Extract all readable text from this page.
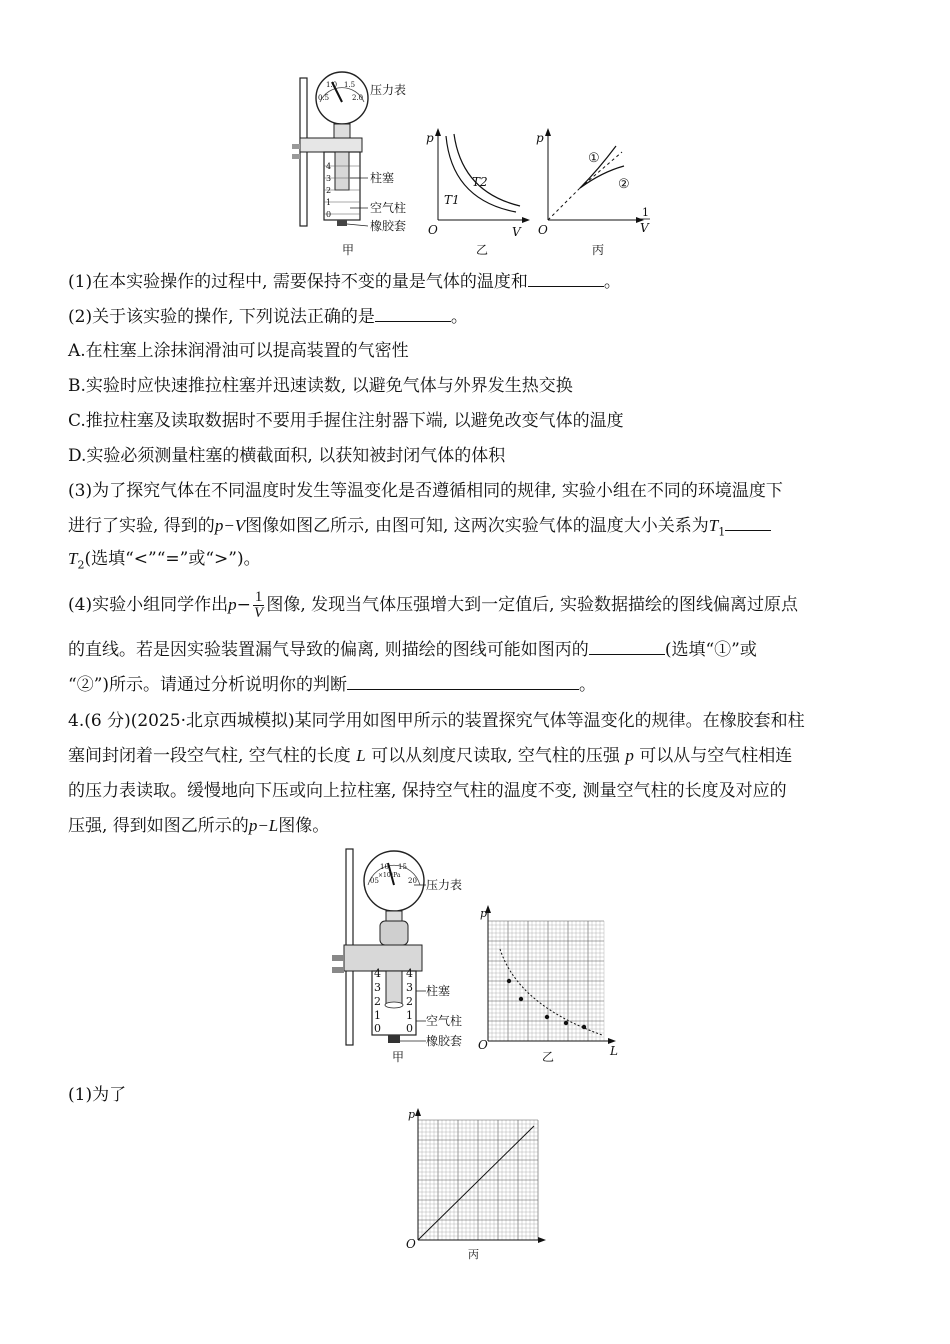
0.5
1.0 1.5
2.0
4
3
2
1
0
压力表
柱塞
空气柱
橡胶套
甲
p
V
O
T1
T2
乙
p
O
1
V
①
②
丙
(1)在本实验操作的过程中, 需要保持不变的量是气体的温度和	。
(2)关于该实验的操作, 下列说法正确的是	。
A.在柱塞上涂抹润滑油可以提高装置的气密性
B.实验时应快速推拉柱塞并迅速读数, 以避免气体与外界发生热交换
C.推拉柱塞及读取数据时不要用手握住注射器下端, 以避免改变气体的温度
D.实验必须测量柱塞的横截面积, 以获知被封闭气体的体积
(3)为了探究气体在不同温度时发生等温变化是否遵循相同的规律, 实验小组在不同的环境温度下
进行了实验, 得到的p−V图像如图乙所示, 由图可知, 这两次实验气体的温度大小关系为$T_1$
$T_2$(选填“<”“=”或“>”)。
(4)实验小组同学作出$p- \frac{1}{V}$ 图像, 发现当气体压强增大到一定值后, 实验数据描绘的图线偏离过原点
的直线。若是因实验装置漏气导致的偏离, 则描绘的图线可能如图丙的	(选填“①”或
“②”)所示。请通过分析说明你的判断	。
4.(6 分)(2025·北京西城模拟)某同学用如图甲所示的装置探究气体等温变化的规律。在橡胶套和柱
塞间封闭着一段空气柱, 空气柱的长度 L 可以从刻度尺读取, 空气柱的压强 p 可以从与空气柱相连
的压力表读取。缓慢地向下压或向上拉柱塞, 保持空气柱的温度不变, 测量空气柱的长度及对应的
压强, 得到如图乙所示的p−L图像。
05
10 15
20
×10⁵Pa
压力表
4
3
2
1
0
4
3
2
1
0
柱塞
空气柱
橡胶套
甲
p
O	L
乙
(1)为了
p
O
丙
